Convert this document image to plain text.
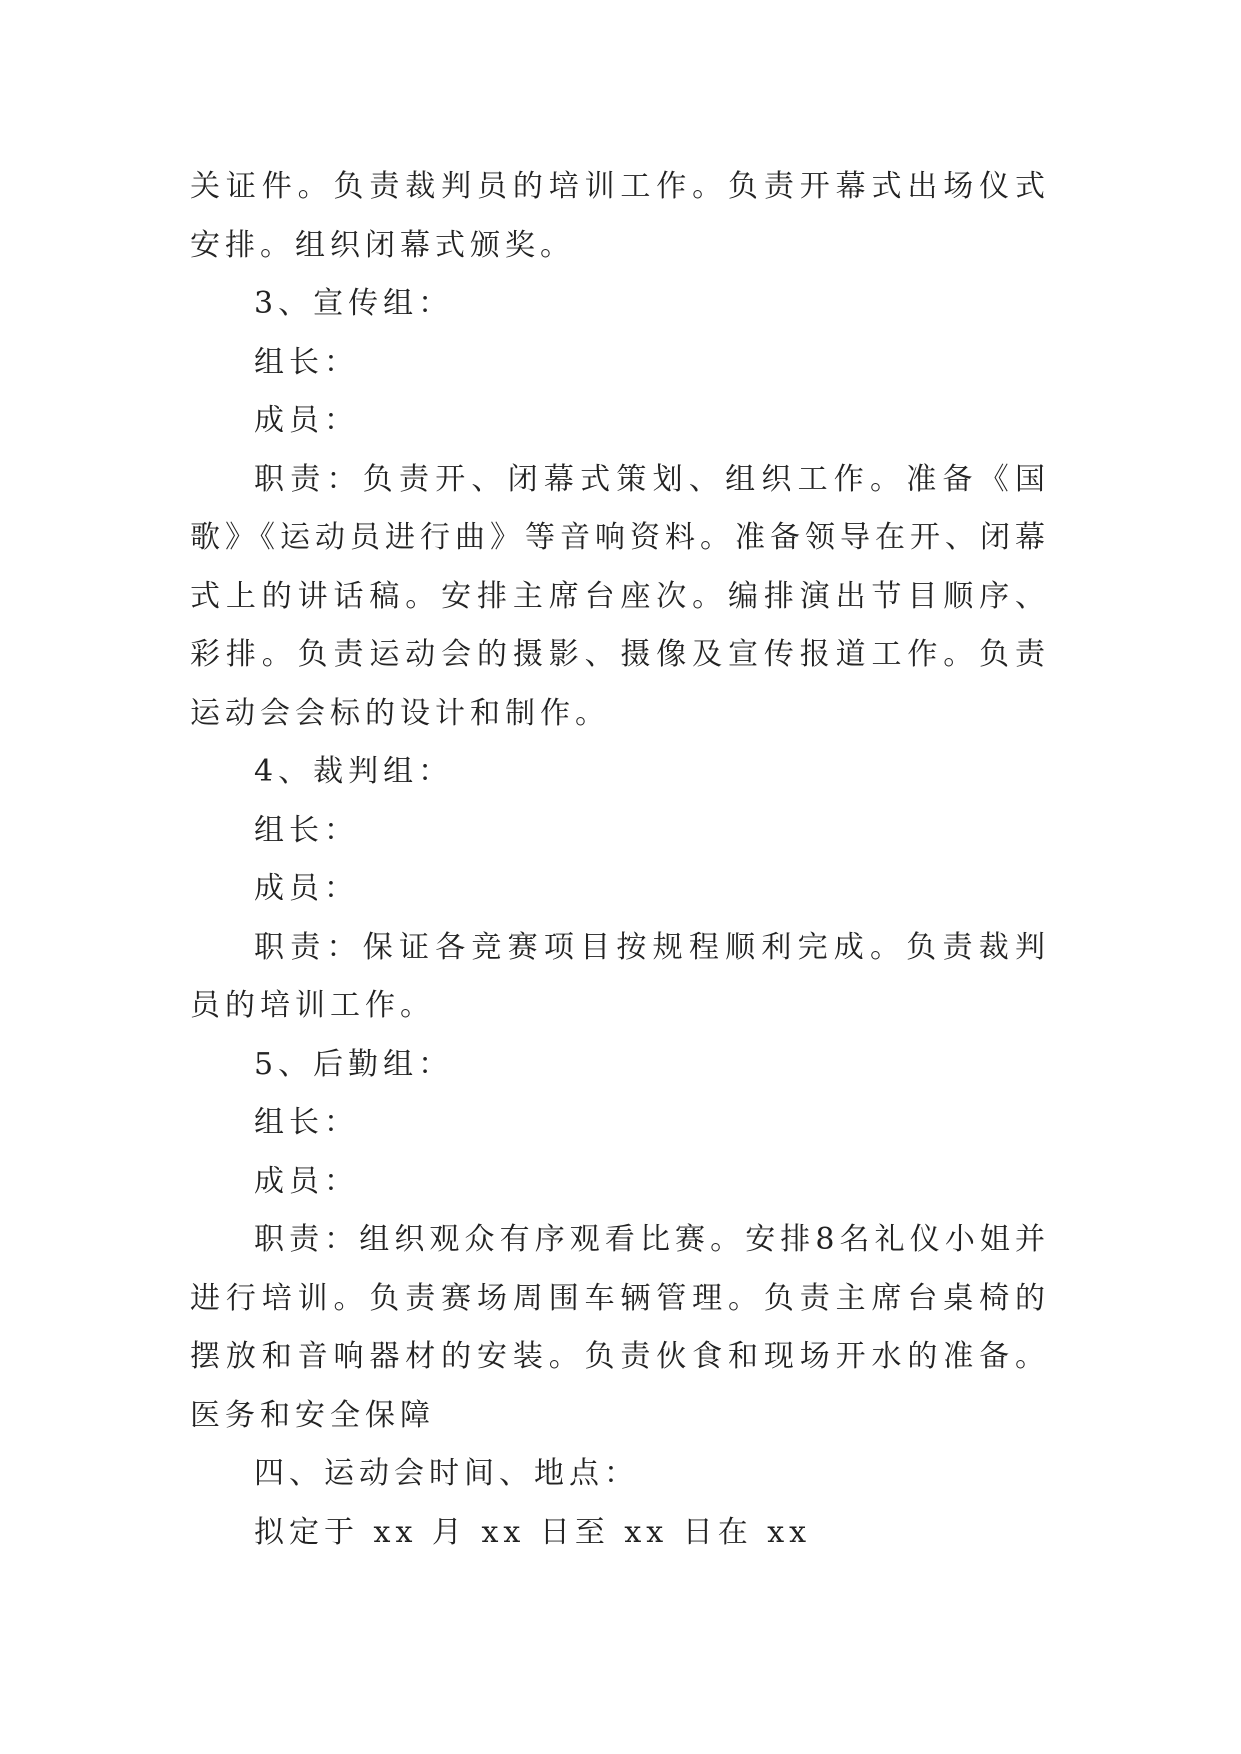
关证件。负责裁判员的培训工作。负责开幕式出场仪式安排。组织闭幕式颁奖。

3、宣传组：

组长：

成员：

职责：负责开、闭幕式策划、组织工作。准备《国歌》《运动员进行曲》等音响资料。准备领导在开、闭幕式上的讲话稿。安排主席台座次。编排演出节目顺序、彩排。负责运动会的摄影、摄像及宣传报道工作。负责运动会会标的设计和制作。

4、裁判组：

组长：

成员：

职责：保证各竞赛项目按规程顺利完成。负责裁判员的培训工作。

5、后勤组：

组长：

成员：

职责：组织观众有序观看比赛。安排8名礼仪小姐并进行培训。负责赛场周围车辆管理。负责主席台桌椅的摆放和音响器材的安装。负责伙食和现场开水的准备。医务和安全保障

四、运动会时间、地点：

拟定于 xx 月 xx 日至 xx 日在 xx
